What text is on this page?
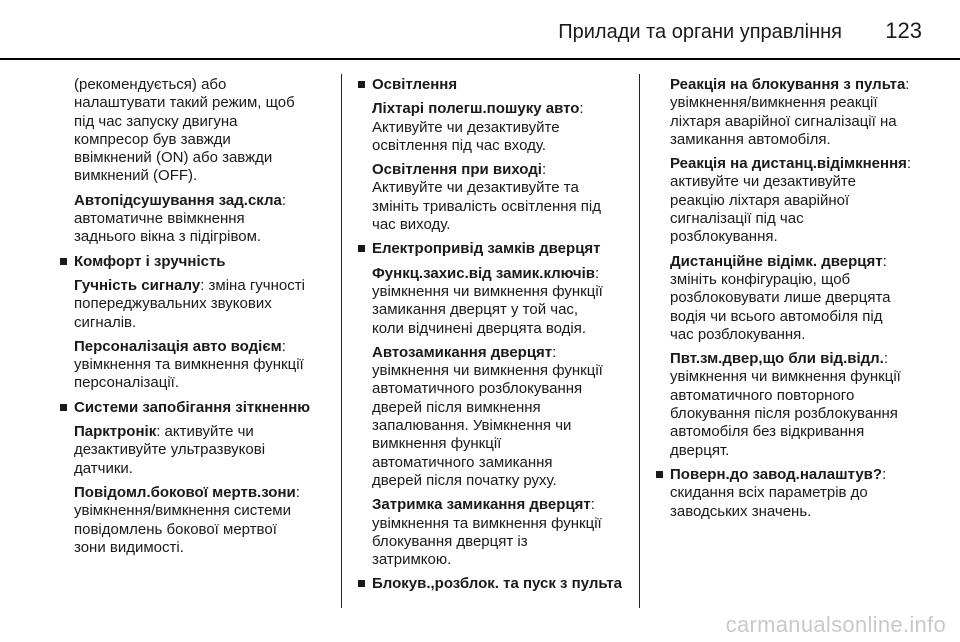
Прилади та органи управління 123
(рекомендується) або
налаштувати такий режим, щоб
під час запуску двигуна
компресор був завжди
ввімкнений (ON) або завжди
вимкнений (OFF).
Автопідсушування зад.скла:
автоматичне ввімкнення
заднього вікна з підігрівом.
Комфорт і зручність
Гучність сигналу: зміна гучності
попереджувальних звукових
сигналів.
Персоналізація авто водієм:
увімкнення та вимкнення функції
персоналізації.
Системи запобігання зіткненню
Парктронік: активуйте чи
дезактивуйте ультразвукові
датчики.
Повідомл.бокової мертв.зони:
увімкнення/вимкнення системи
повідомлень бокової мертвої
зони видимості.
Освітлення
Ліхтарі полегш.пошуку авто:
Активуйте чи дезактивуйте
освітлення під час входу.
Освітлення при виході:
Активуйте чи дезактивуйте та
змініть тривалість освітлення під
час виходу.
Електропривід замків дверцят
Функц.захис.від замик.ключів:
увімкнення чи вимкнення функції
замикання дверцят у той час,
коли відчинені дверцята водія.
Автозамикання дверцят:
увімкнення чи вимкнення функції
автоматичного розблокування
дверей після вимкнення
запалювання. Увімкнення чи
вимкнення функції
автоматичного замикання
дверей після початку руху.
Затримка замикання дверцят:
увімкнення та вимкнення функції
блокування дверцят із
затримкою.
Блокув.,розблок. та пуск з пульта
Реакція на блокування з пульта:
увімкнення/вимкнення реакції
ліхтаря аварійної сигналізації на
замикання автомобіля.
Реакція на дистанц.відімкнення:
активуйте чи дезактивуйте
реакцію ліхтаря аварійної
сигналізації під час
розблокування.
Дистанційне відімк. дверцят:
змініть конфігурацію, щоб
розблоковувати лише дверцята
водія чи всього автомобіля під
час розблокування.
Пвт.зм.двер,що бли від.відл.:
увімкнення чи вимкнення функції
автоматичного повторного
блокування після розблокування
автомобіля без відкривання
дверцят.
Поверн.до завод.налаштув?:
скидання всіх параметрів до
заводських значень.
carmanualsonline.info
